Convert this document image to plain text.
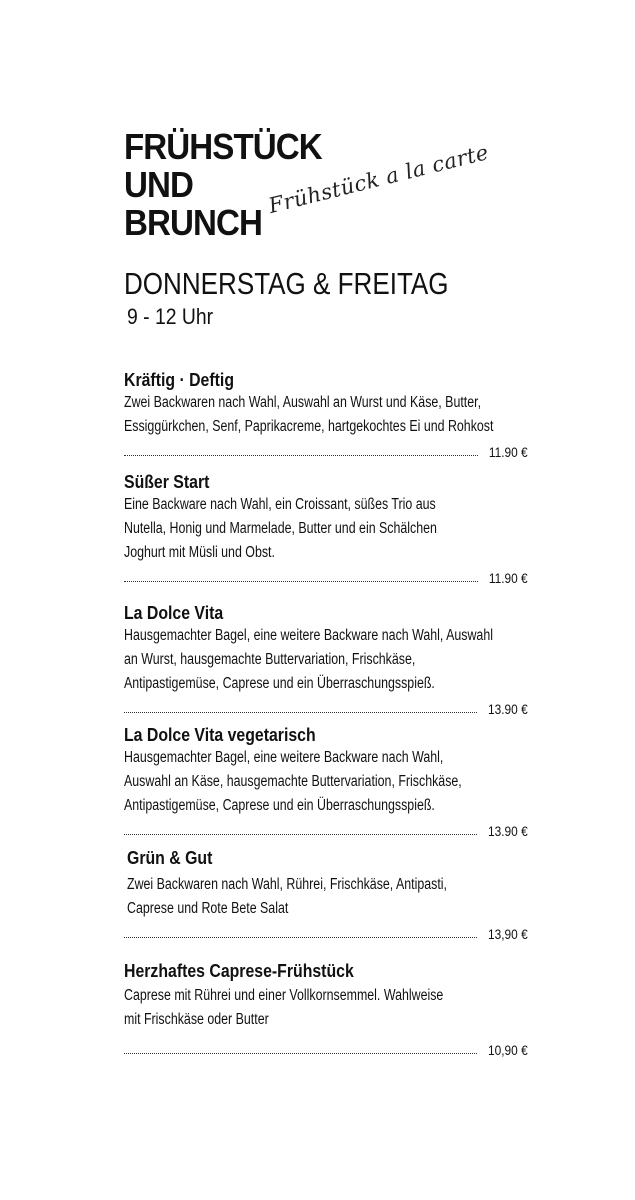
FRÜHSTÜCK
UND
BRUNCH
Frühstück a la carte
DONNERSTAG & FREITAG
9 - 12 Uhr
Kräftig · Deftig
Zwei Backwaren nach Wahl, Auswahl an Wurst und Käse, Butter,
Essiggürkchen, Senf, Paprikacreme, hartgekochtes Ei und Rohkost
11.90 €
Süßer Start
Eine Backware nach Wahl, ein Croissant, süßes Trio aus
Nutella, Honig und Marmelade, Butter und ein Schälchen
Joghurt mit Müsli und Obst.
11.90 €
La Dolce Vita
Hausgemachter Bagel, eine weitere Backware nach Wahl, Auswahl
an Wurst, hausgemachte Buttervariation, Frischkäse,
Antipastigemüse, Caprese und ein Überraschungsspieß.
13.90 €
La Dolce Vita vegetarisch
Hausgemachter Bagel, eine weitere Backware nach Wahl,
Auswahl an Käse, hausgemachte Buttervariation, Frischkäse,
Antipastigemüse, Caprese und ein Überraschungsspieß.
13.90 €
Grün & Gut
Zwei Backwaren nach Wahl, Rührei, Frischkäse, Antipasti,
Caprese und Rote Bete Salat
13,90 €
Herzhaftes Caprese-Frühstück
Caprese mit Rührei und einer Vollkornsemmel. Wahlweise
mit Frischkäse oder Butter
10,90 €
